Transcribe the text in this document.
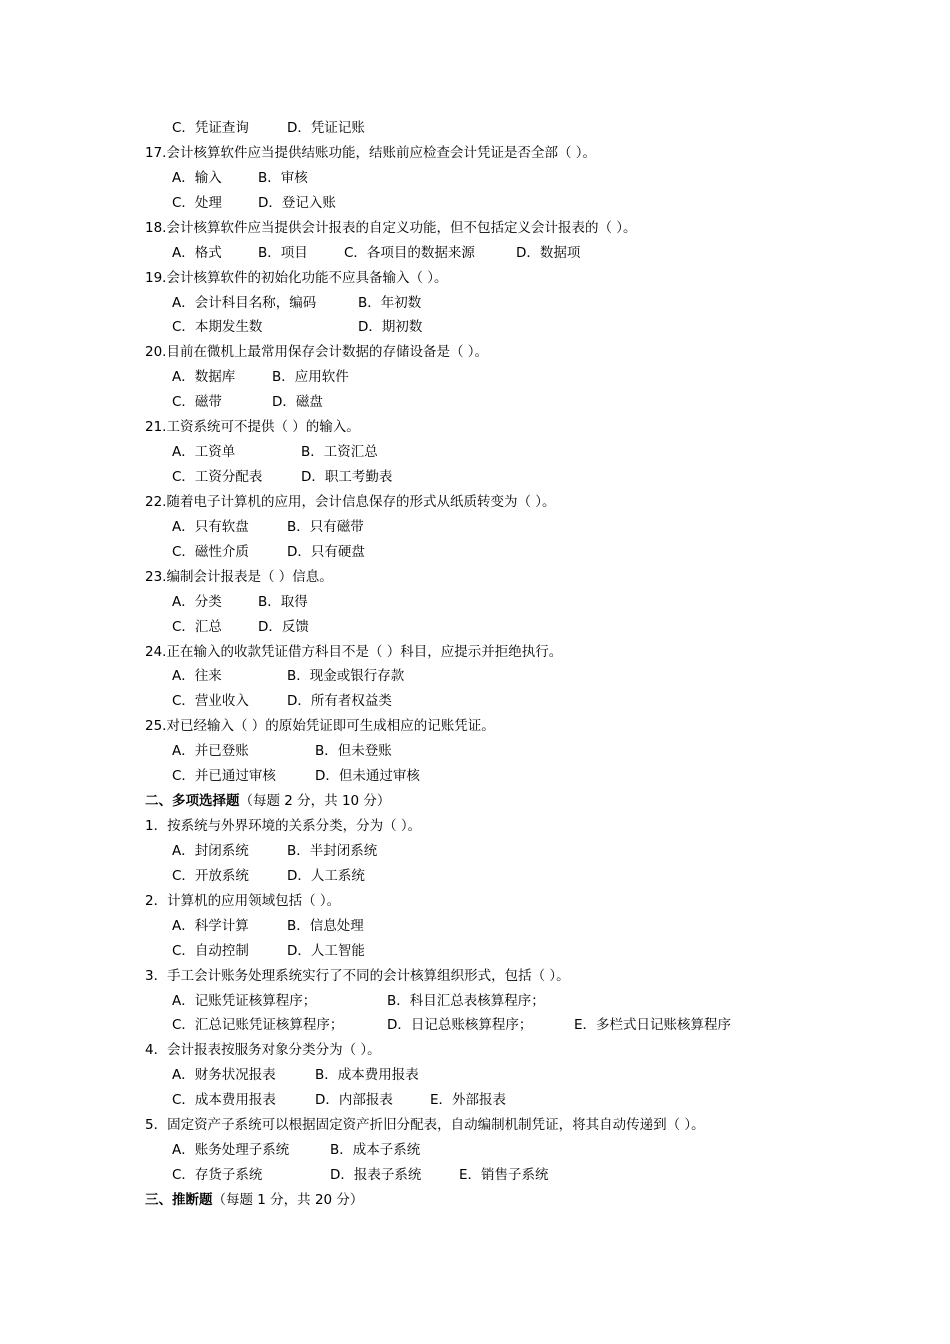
C．凭证查询	D．凭证记账
17.会计核算软件应当提供结账功能，结账前应检查会计凭证是否全部（ ）。
A．输入	B．审核
C．处理	D．登记入账
18.会计核算软件应当提供会计报表的自定义功能，但不包括定义会计报表的（ ）。
A．格式	B．项目	C．各项目的数据来源	D．数据项
19.会计核算软件的初始化功能不应具备输入（ ）。
A．会计科目名称，编码	B．年初数
C．本期发生数	D．期初数
20.目前在微机上最常用保存会计数据的存储设备是（ ）。
A．数据库	B．应用软件
C．磁带	D．磁盘
21.工资系统可不提供（ ）的输入。
A．工资单	B．工资汇总
C．工资分配表	D．职工考勤表
22.随着电子计算机的应用，会计信息保存的形式从纸质转变为（ ）。
A．只有软盘	B．只有磁带
C．磁性介质	D．只有硬盘
23.编制会计报表是（ ）信息。
A．分类	B．取得
C．汇总	D．反馈
24.正在输入的收款凭证借方科目不是（ ）科目，应提示并拒绝执行。
A．往来	B．现金或银行存款
C．营业收入	D．所有者权益类
25.对已经输入（ ）的原始凭证即可生成相应的记账凭证。
A．并已登账	B．但未登账
C．并已通过审核	D．但未通过审核
二、多项选择题（每题 2 分，共 10 分）
1．按系统与外界环境的关系分类，分为（ ）。
A．封闭系统	B．半封闭系统
C．开放系统	D．人工系统
2．计算机的应用领域包括（ ）。
A．科学计算	B．信息处理
C．自动控制	D．人工智能
3．手工会计账务处理系统实行了不同的会计核算组织形式，包括（ ）。
A．记账凭证核算程序；	B．科目汇总表核算程序；
C．汇总记账凭证核算程序；	D．日记总账核算程序；	E．多栏式日记账核算程序
4．会计报表按服务对象分类分为（ ）。
A．财务状况报表	B．成本费用报表
C．成本费用报表	D．内部报表	E．外部报表
5．固定资产子系统可以根据固定资产折旧分配表，自动编制机制凭证，将其自动传递到（ ）。
A．账务处理子系统	B．成本子系统
C．存货子系统	D．报表子系统	E．销售子系统
三、推断题（每题 1 分，共 20 分）
